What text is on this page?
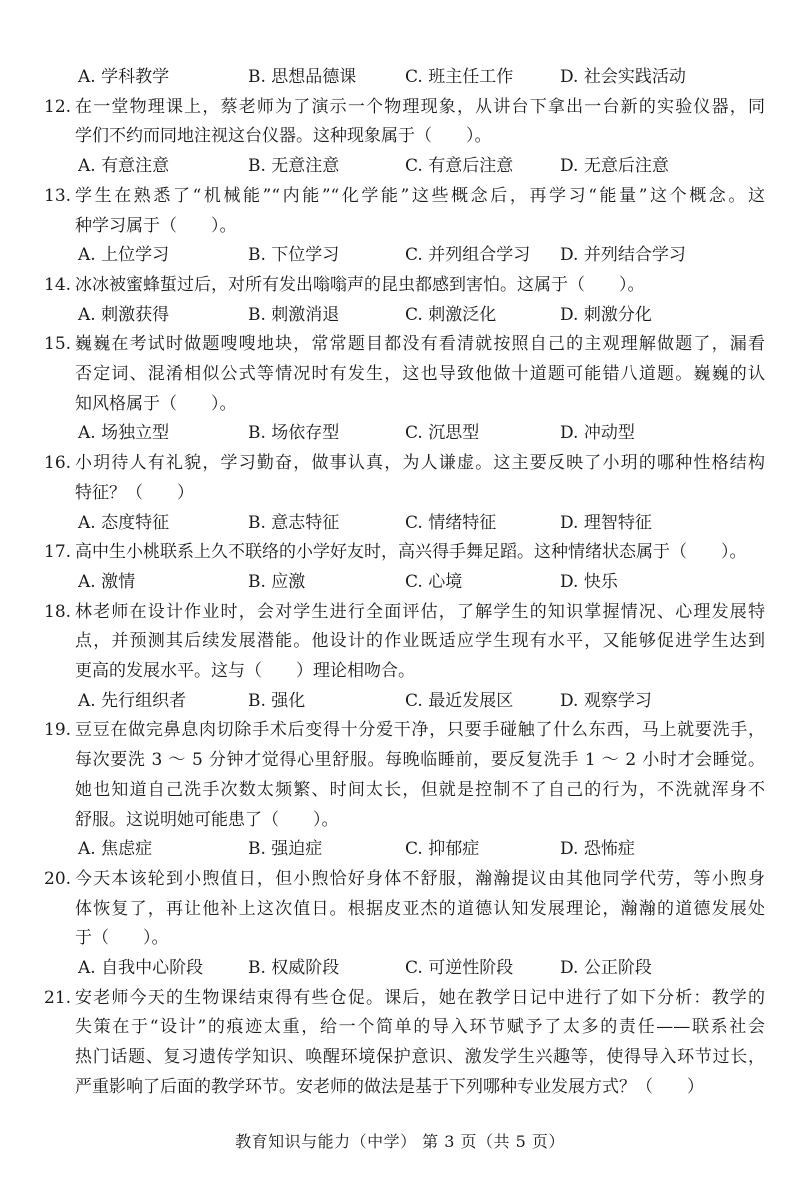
A. 学科教学	B. 思想品德课	C. 班主任工作	D. 社会实践活动
12. 在一堂物理课上，蔡老师为了演示一个物理现象，从讲台下拿出一台新的实验仪器，同
学们不约而同地注视这台仪器。这种现象属于（　　）。
A. 有意注意	B. 无意注意	C. 有意后注意	D. 无意后注意
13. 学生在熟悉了“机械能”“内能”“化学能”这些概念后，再学习“能量”这个概念。这
种学习属于（　　）。
A. 上位学习	B. 下位学习	C. 并列组合学习 D. 并列结合学习
14. 冰冰被蜜蜂蜇过后，对所有发出嗡嗡声的昆虫都感到害怕。这属于（　　）。
A. 刺激获得	B. 刺激消退	C. 刺激泛化	D. 刺激分化
15. 巍巍在考试时做题嗖嗖地块，常常题目都没有看清就按照自己的主观理解做题了，漏看
否定词、混淆相似公式等情况时有发生，这也导致他做十道题可能错八道题。巍巍的认
知风格属于（　　）。
A. 场独立型	B. 场依存型	C. 沉思型	D. 冲动型
16. 小玥待人有礼貌，学习勤奋，做事认真，为人谦虚。这主要反映了小玥的哪种性格结构
特征？（　　）
A. 态度特征	B. 意志特征	C. 情绪特征	D. 理智特征
17. 高中生小桃联系上久不联络的小学好友时，高兴得手舞足蹈。这种情绪状态属于（　　）。
A. 激情	B. 应激	C. 心境	D. 快乐
18. 林老师在设计作业时，会对学生进行全面评估，了解学生的知识掌握情况、心理发展特
点，并预测其后续发展潜能。他设计的作业既适应学生现有水平，又能够促进学生达到
更高的发展水平。这与（　　）理论相吻合。
A. 先行组织者	B. 强化	C. 最近发展区	D. 观察学习
19. 豆豆在做完鼻息肉切除手术后变得十分爱干净，只要手碰触了什么东西，马上就要洗手，
每次要洗 3 ～ 5 分钟才觉得心里舒服。每晚临睡前，要反复洗手 1 ～ 2 小时才会睡觉。
她也知道自己洗手次数太频繁、时间太长，但就是控制不了自己的行为，不洗就浑身不
舒服。这说明她可能患了（　　）。
A. 焦虑症	B. 强迫症	C. 抑郁症	D. 恐怖症
20. 今天本该轮到小煦值日，但小煦恰好身体不舒服，瀚瀚提议由其他同学代劳，等小煦身
体恢复了，再让他补上这次值日。根据皮亚杰的道德认知发展理论，瀚瀚的道德发展处
于（　　）。
A. 自我中心阶段	B. 权威阶段	C. 可逆性阶段	D. 公正阶段
21. 安老师今天的生物课结束得有些仓促。课后，她在教学日记中进行了如下分析：教学的
失策在于“设计”的痕迹太重，给一个简单的导入环节赋予了太多的责任——联系社会
热门话题、复习遗传学知识、唤醒环境保护意识、激发学生兴趣等，使得导入环节过长，
严重影响了后面的教学环节。安老师的做法是基于下列哪种专业发展方式？（　　）
教育知识与能力（中学） 第 3 页（共 5 页）
